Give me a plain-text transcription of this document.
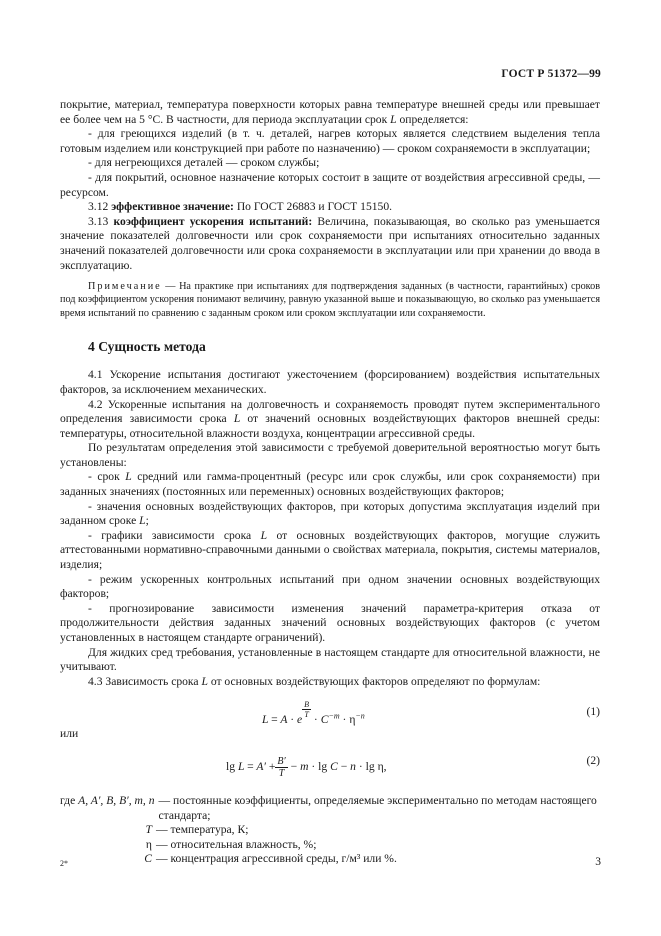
ГОСТ Р 51372—99

покрытие, материал, температура поверхности которых равна температуре внешней среды или превышает ее более чем на 5 °С. В частности, для периода эксплуатации срок L определяется:

- для греющихся изделий (в т. ч. деталей, нагрев которых является следствием выделения тепла готовым изделием или конструкцией при работе по назначению) — сроком сохраняемости в эксплуатации;

- для негреющихся деталей — сроком службы;

- для покрытий, основное назначение которых состоит в защите от воздействия агрессивной среды, — ресурсом.

3.12 эффективное значение: По ГОСТ 26883 и ГОСТ 15150.

3.13 коэффициент ускорения испытаний: Величина, показывающая, во сколько раз уменьшается значение показателей долговечности или срок сохраняемости при испытаниях относительно заданных значений показателей долговечности или срока сохраняемости в эксплуатации или при хранении до ввода в эксплуатацию.

Примечание — На практике при испытаниях для подтверждения заданных (в частности, гарантийных) сроков под коэффициентом ускорения понимают величину, равную указанной выше и показывающую, во сколько раз уменьшается время испытаний по сравнению с заданным сроком или сроком эксплуатации или сохраняемости.

4 Сущность метода

4.1 Ускорение испытания достигают ужесточением (форсированием) воздействия испытательных факторов, за исключением механических.

4.2 Ускоренные испытания на долговечность и сохраняемость проводят путем экспериментального определения зависимости срока L от значений основных воздействующих факторов внешней среды: температуры, относительной влажности воздуха, концентрации агрессивной среды.

По результатам определения этой зависимости с требуемой доверительной вероятностью могут быть установлены:

- срок L средний или гамма-процентный (ресурс или срок службы, или срок сохраняемости) при заданных значениях (постоянных или переменных) основных воздействующих факторов;

- значения основных воздействующих факторов, при которых допустима эксплуатация изделий при заданном сроке L;

- графики зависимости срока L от основных воздействующих факторов, могущие служить аттестованными нормативно-справочными данными о свойствах материала, покрытия, системы материалов, изделия;

- режим ускоренных контрольных испытаний при одном значении основных воздействующих факторов;

- прогнозирование зависимости изменения значений параметра-критерия отказа от продолжительности действия заданных значений основных воздействующих факторов (с учетом установленных в настоящем стандарте ограничений).

Для жидких сред требования, установленные в настоящем стандарте для относительной влажности, не учитывают.

4.3 Зависимость срока L от основных воздействующих факторов определяют по формулам:

L = A · e
$^{\frac{B}{T}}$
· $C^{-m} \cdot \eta^{-n}$	(1)

или

$\lg L = A' + \frac{B'}{T} - m \cdot \lg C - n \cdot \lg \eta$,	(2)
где A, A′, B, B′, m, n — постоянные коэффициенты, определяемые экспериментально по методам настоящего стандарта;
T — температура, К;
η — относительная влажность, %;
C — концентрация агрессивной среды, г/м³ или %.
2*	3
